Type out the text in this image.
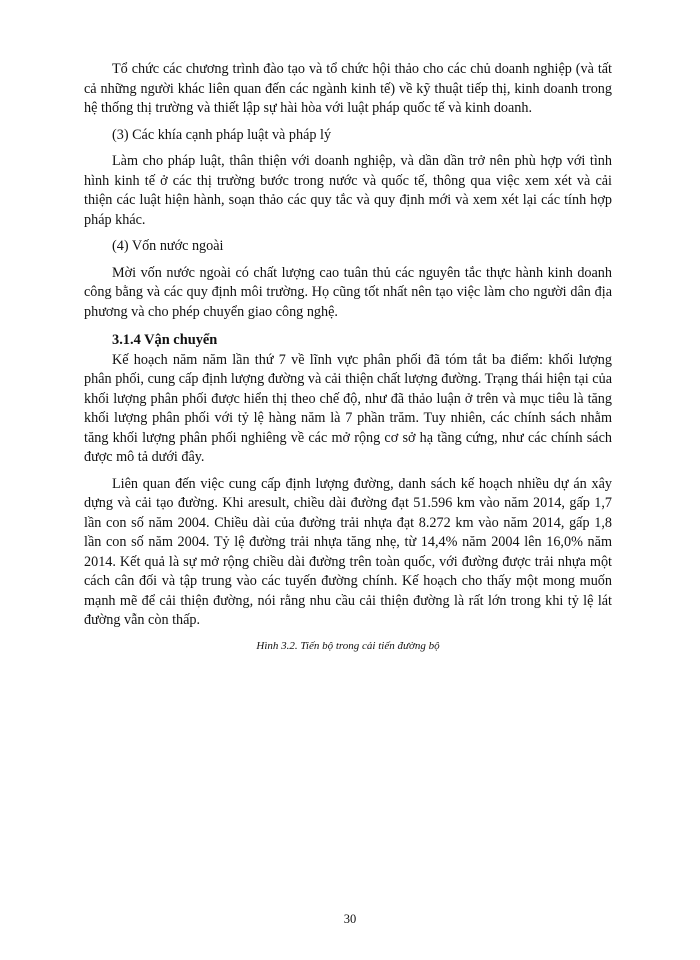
Tổ chức các chương trình đào tạo và tổ chức hội thảo cho các chủ doanh nghiệp (và tất cả những người khác liên quan đến các ngành kinh tế) về kỹ thuật tiếp thị, kinh doanh trong hệ thống thị trường và thiết lập sự hài hòa với luật pháp quốc tế và kinh doanh.

(3) Các khía cạnh pháp luật và pháp lý

Làm cho pháp luật, thân thiện với doanh nghiệp, và dần dần trở nên phù hợp với tình hình kinh tế ở các thị trường bước trong nước và quốc tế, thông qua việc xem xét và cải thiện các luật hiện hành, soạn thảo các quy tắc và quy định mới và xem xét lại các tính hợp pháp khác.

(4) Vốn nước ngoài

Mời vốn nước ngoài có chất lượng cao tuân thủ các nguyên tắc thực hành kinh doanh công bằng và các quy định môi trường. Họ cũng tốt nhất nên tạo việc làm cho người dân địa phương và cho phép chuyển giao công nghệ.

3.1.4 Vận chuyển

Kế hoạch năm năm lần thứ 7 về lĩnh vực phân phối đã tóm tắt ba điểm: khối lượng phân phối, cung cấp định lượng đường và cải thiện chất lượng đường. Trạng thái hiện tại của khối lượng phân phối được hiển thị theo chế độ, như đã thảo luận ở trên và mục tiêu là tăng khối lượng phân phối với tỷ lệ hàng năm là 7 phần trăm. Tuy nhiên, các chính sách nhằm tăng khối lượng phân phối nghiêng về các mở rộng cơ sở hạ tầng cứng, như các chính sách được mô tả dưới đây.

Liên quan đến việc cung cấp định lượng đường, danh sách kế hoạch nhiều dự án xây dựng và cải tạo đường. Khi aresult, chiều dài đường đạt 51.596 km vào năm 2014, gấp 1,7 lần con số năm 2004. Chiều dài của đường trải nhựa đạt 8.272 km vào năm 2014, gấp 1,8 lần con số năm 2004. Tỷ lệ đường trải nhựa tăng nhẹ, từ 14,4% năm 2004 lên 16,0% năm 2014. Kết quả là sự mở rộng chiều dài đường trên toàn quốc, với đường được trải nhựa một cách cân đối và tập trung vào các tuyến đường chính. Kế hoạch cho thấy một mong muốn mạnh mẽ để cải thiện đường, nói rằng nhu cầu cải thiện đường là rất lớn trong khi tỷ lệ lát đường vẫn còn thấp.

Hình 3.2. Tiến bộ trong cải tiến đường bộ

30
